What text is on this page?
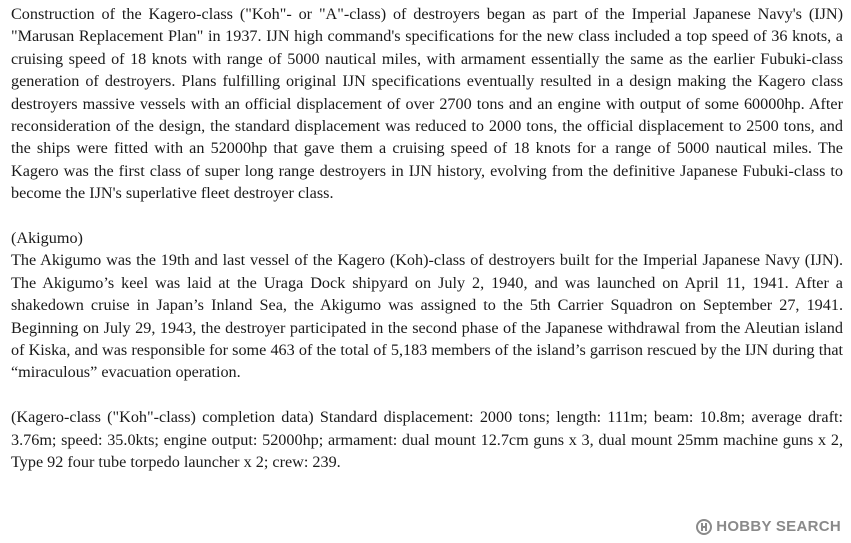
Construction of the Kagero-class ("Koh"- or "A"-class) of destroyers began as part of the Imperial Japanese Navy's (IJN) "Marusan Replacement Plan" in 1937. IJN high command's specifications for the new class included a top speed of 36 knots, a cruising speed of 18 knots with range of 5000 nautical miles, with armament essentially the same as the earlier Fubuki-class generation of destroyers. Plans fulfilling original IJN specifications eventually resulted in a design making the Kagero class destroyers massive vessels with an official displacement of over 2700 tons and an engine with output of some 60000hp. After reconsideration of the design, the standard displacement was reduced to 2000 tons, the official displacement to 2500 tons, and the ships were fitted with an 52000hp that gave them a cruising speed of 18 knots for a range of 5000 nautical miles. The Kagero was the first class of super long range destroyers in IJN history, evolving from the definitive Japanese Fubuki-class to become the IJN's superlative fleet destroyer class.

(Akigumo)

The Akigumo was the 19th and last vessel of the Kagero (Koh)-class of destroyers built for the Imperial Japanese Navy (IJN). The Akigumo’s keel was laid at the Uraga Dock shipyard on July 2, 1940, and was launched on April 11, 1941. After a shakedown cruise in Japan’s Inland Sea, the Akigumo was assigned to the 5th Carrier Squadron on September 27, 1941. Beginning on July 29, 1943, the destroyer participated in the second phase of the Japanese withdrawal from the Aleutian island of Kiska, and was responsible for some 463 of the total of 5,183 members of the island’s garrison rescued by the IJN during that “miraculous” evacuation operation.

(Kagero-class ("Koh"-class) completion data) Standard displacement: 2000 tons; length: 111m; beam: 10.8m; average draft: 3.76m; speed: 35.0kts; engine output: 52000hp; armament: dual mount 12.7cm guns x 3, dual mount 25mm machine guns x 2, Type 92 four tube torpedo launcher x 2; crew: 239.

HOBBY SEARCH
